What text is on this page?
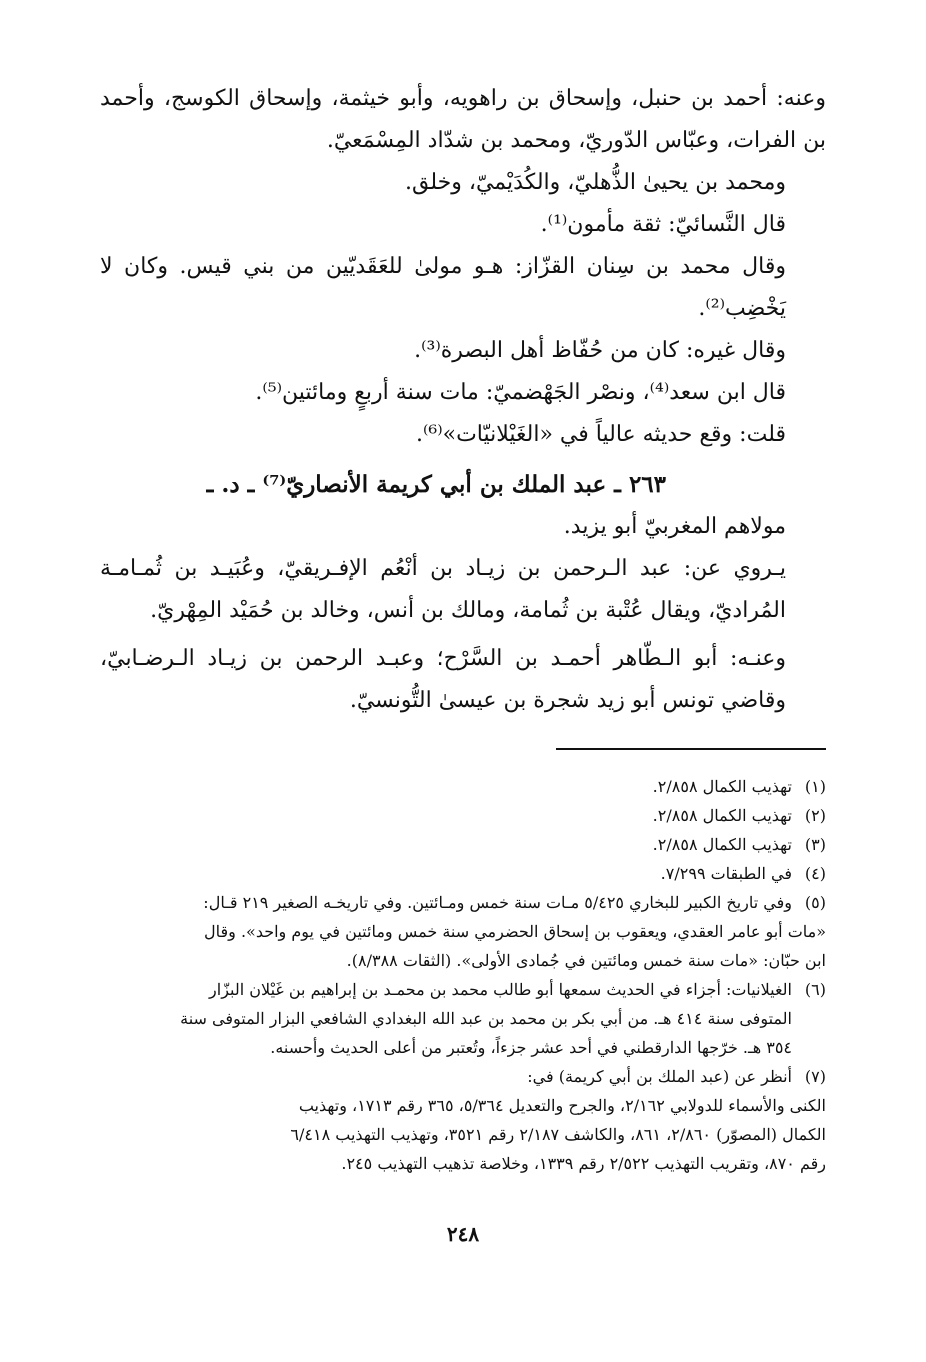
وعنه: أحمد بن حنبل، وإسحاق بن راهويه، وأبو خيثمة، وإسحاق الكوسج، وأحمد بن الفرات، وعبّاس الدّوريّ، ومحمد بن شدّاد المِسْمَعيّ.

ومحمد بن يحيىٰ الذُّهليّ، والكُدَيْميّ، وخلق.

قال النَّسائيّ: ثقة مأمون⁽¹⁾.

وقال محمد بن سِنان القزّاز: هـو مولىٰ للعَقَديّين من بني قيس. وكان لا يَخْضِب⁽²⁾.

وقال غيره: كان من حُفّاظ أهل البصرة⁽³⁾.

قال ابن سعد⁽⁴⁾، ونصْر الجَهْضميّ: مات سنة أربعٍ ومائتين⁽⁵⁾.

قلت: وقع حديثه عالياً في «الغَيْلانيّات»⁽⁶⁾.

٢٦٣ ـ عبد الملك بن أبي كريمة الأنصاريّ⁽⁷⁾ ـ د. ـ

مولاهم المغربيّ أبو يزيد.

يـروي عن: عبد الـرحمن بن زيـاد بن أنْعُم الإفـريقيّ، وعُبَيـد بن ثُمـامـة المُراديّ، ويقال عُتْبة بن ثُمامة، ومالك بن أنس، وخالد بن حُمَيْد المِهْريّ.

وعنـه: أبو الـطّاهر أحمـد بن السَّرْح؛ وعبـد الرحمن بن زيـاد الـرضـابيّ، وقاضي تونس أبو زيد شجرة بن عيسىٰ التُّونسيّ.

(١)
تهذيب الكمال ٢/٨٥٨.
(٢)
تهذيب الكمال ٢/٨٥٨.
(٣)
تهذيب الكمال ٢/٨٥٨.
(٤)
في الطبقات ٧/٢٩٩.
(٥)
وفي تاريخ الكبير للبخاري ٥/٤٢٥ مـات سنة خمس ومـائتين. وفي تاريخـه الصغير ٢١٩ قـال:
«مات أبو عامر العقدي، ويعقوب بن إسحاق الحضرمي سنة خمس ومائتين في يوم واحد». وقال
ابن حبّان: «مات سنة خمس ومائتين في جُمادى الأولى». (الثقات ٨/٣٨٨).
(٦)
الغيلانيات: أجزاء في الحديث سمعها أبو طالب محمد بن محمـد بن إبراهيم بن غَيْلان البزّار
المتوفى سنة ٤١٤ هـ. من أبي بكر بن محمد بن عبد الله البغدادي الشافعي البزار المتوفى سنة
٣٥٤ هـ. خرّجها الدارقطني في أحد عشر جزءاً، وتُعتبر من أعلى الحديث وأحسنه.
(٧)
أنظر عن (عبد الملك بن أبي كريمة) في:
الكنى والأسماء للدولابي ٢/١٦٢، والجرح والتعديل ٥/٣٦٤، ٣٦٥ رقم ١٧١٣، وتهذيب
الكمال (المصوّر) ٢/٨٦٠، ٨٦١، والكاشف ٢/١٨٧ رقم ٣٥٢١، وتهذيب التهذيب ٦/٤١٨
رقم ٨٧٠، وتقريب التهذيب ٢/٥٢٢ رقم ١٣٣٩، وخلاصة تذهيب التهذيب ٢٤٥.
٢٤٨
